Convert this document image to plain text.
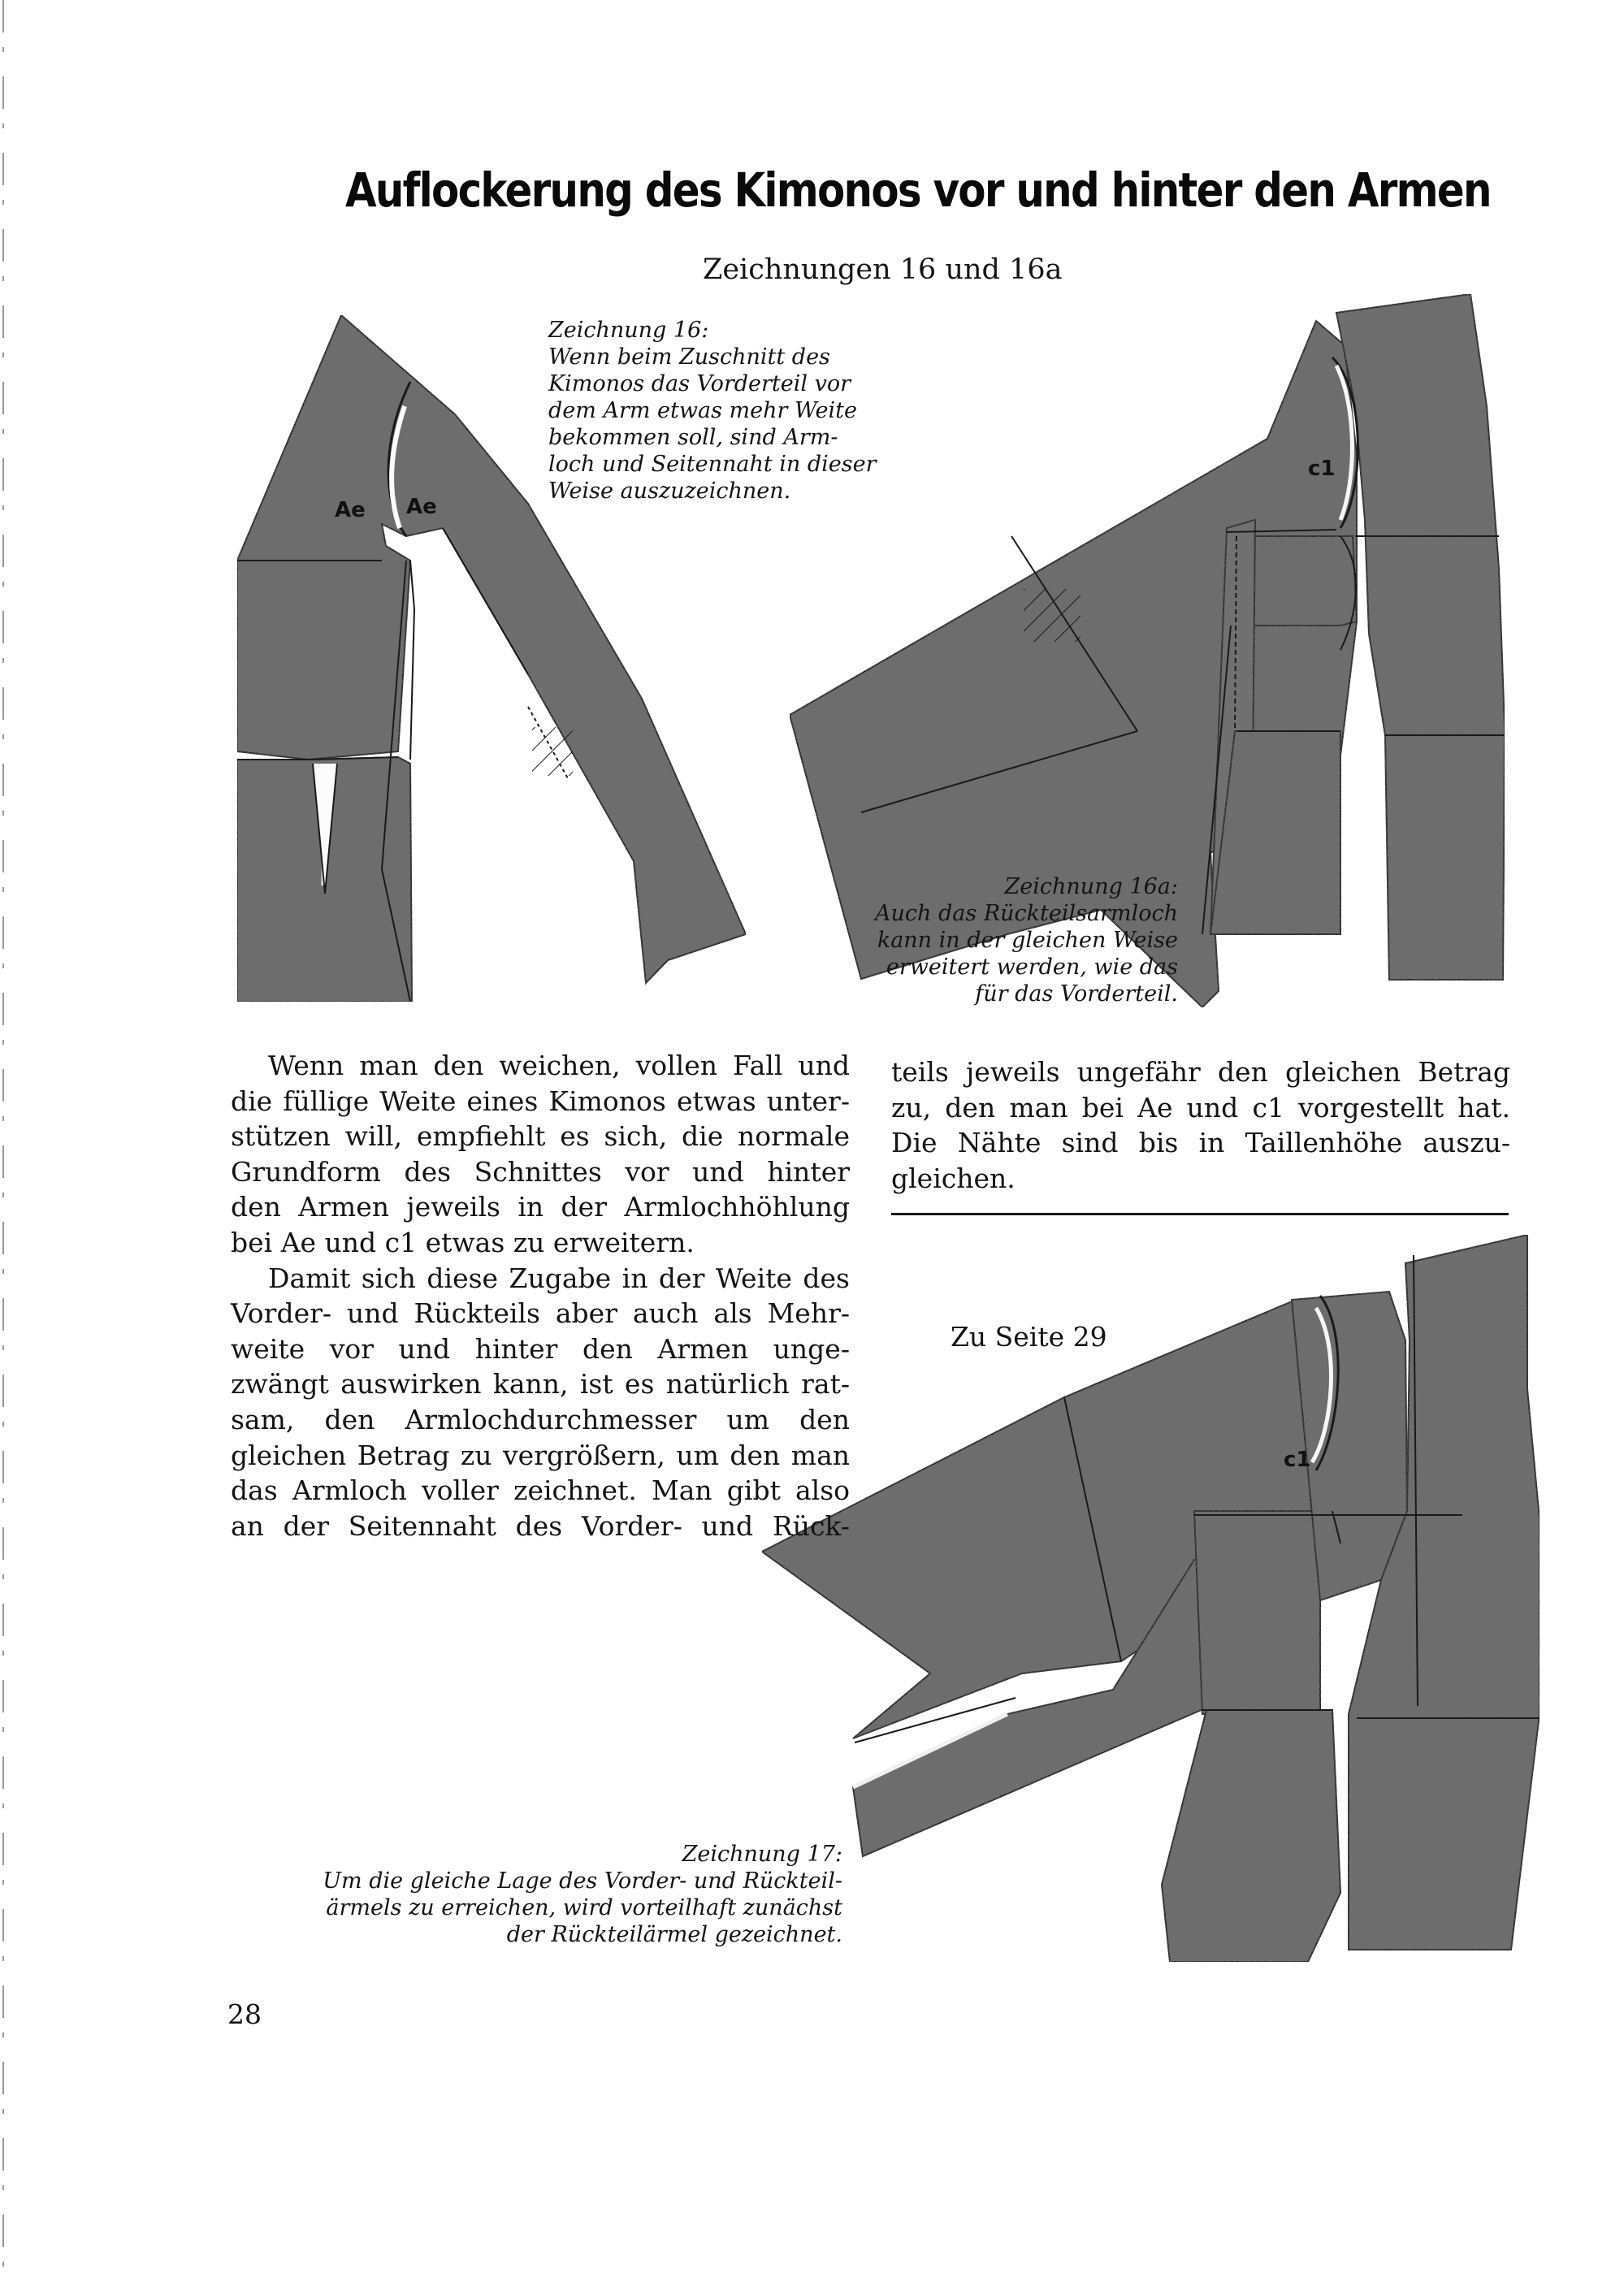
Auflockerung des Kimonos vor und hinter den Armen
Zeichnungen 16 und 16a
Ae Ae
c1
c1
Zeichnung 16:
Wenn beim Zuschnitt des
Kimonos das Vorderteil vor
dem Arm etwas mehr Weite
bekommen soll, sind Arm-
loch und Seitennaht in dieser
Weise auszuzeichnen.
Zeichnung 16a:
Auch das Rückteilsarmloch
kann in der gleichen Weise
erweitert werden, wie das
für das Vorderteil.
Wenn man den weichen, vollen Fall und
die füllige Weite eines Kimonos etwas unter-
stützen will, empfiehlt es sich, die normale
Grundform des Schnittes vor und hinter
den Armen jeweils in der Armlochhöhlung
bei Ae und c1 etwas zu erweitern.
Damit sich diese Zugabe in der Weite des
Vorder- und Rückteils aber auch als Mehr-
weite vor und hinter den Armen unge-
zwängt auswirken kann, ist es natürlich rat-
sam, den Armlochdurchmesser um den
gleichen Betrag zu vergrößern, um den man
das Armloch voller zeichnet. Man gibt also
an der Seitennaht des Vorder- und Rück-
teils jeweils ungefähr den gleichen Betrag
zu, den man bei Ae und c1 vorgestellt hat.
Die Nähte sind bis in Taillenhöhe auszu-
gleichen.
Zu Seite 29
Zeichnung 17:
Um die gleiche Lage des Vorder- und Rückteil-
ärmels zu erreichen, wird vorteilhaft zunächst
der Rückteilärmel gezeichnet.
28
